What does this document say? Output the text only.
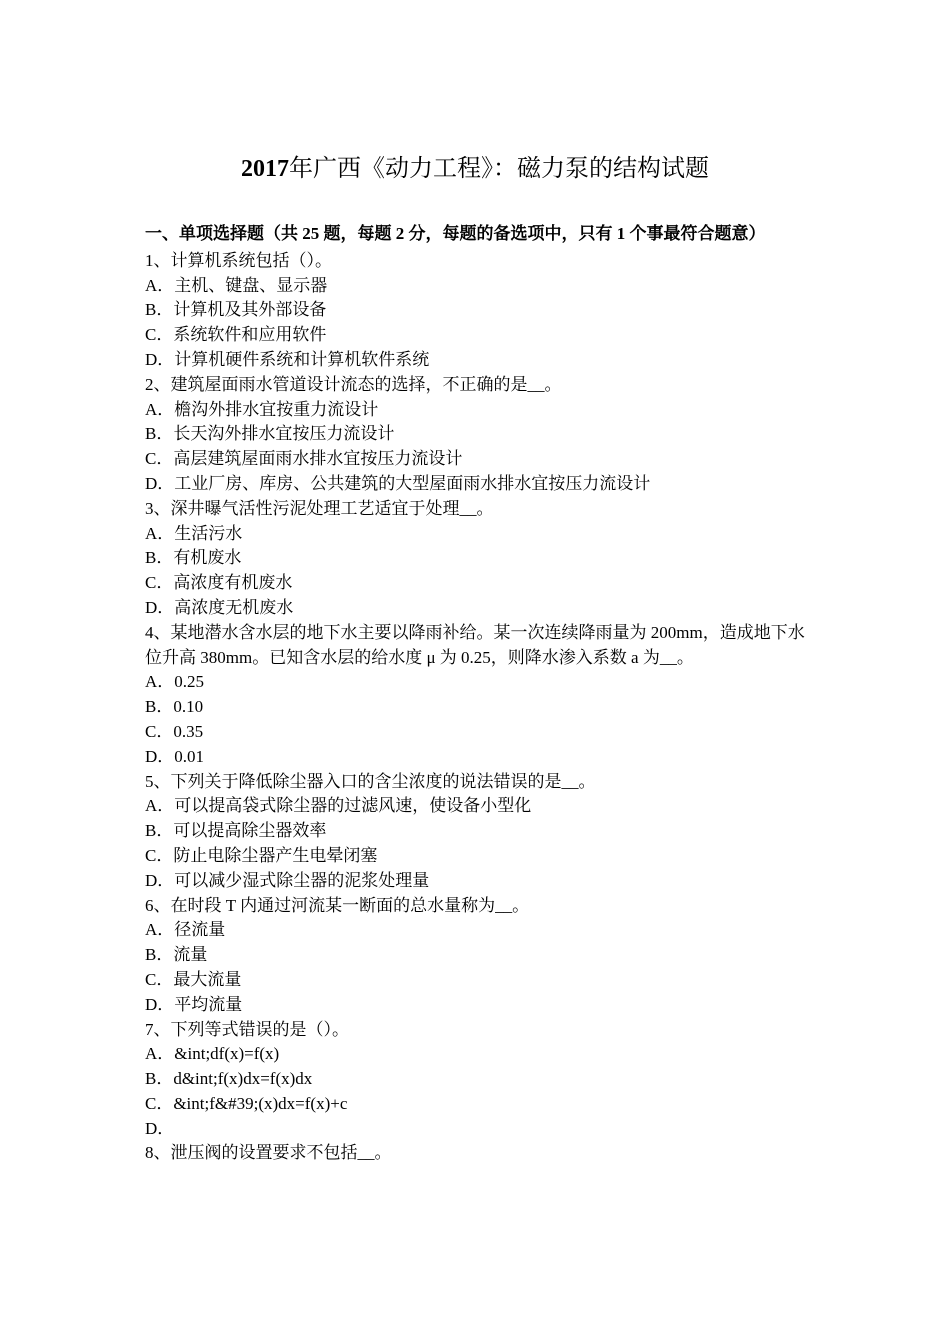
2017年广西《动力工程》：磁力泵的结构试题
一、单项选择题（共 25 题，每题 2 分，每题的备选项中，只有 1 个事最符合题意）
1、计算机系统包括（）。
A．主机、键盘、显示器
B．计算机及其外部设备
C．系统软件和应用软件
D．计算机硬件系统和计算机软件系统
2、建筑屋面雨水管道设计流态的选择，不正确的是__。
A．檐沟外排水宜按重力流设计
B．长天沟外排水宜按压力流设计
C．高层建筑屋面雨水排水宜按压力流设计
D．工业厂房、库房、公共建筑的大型屋面雨水排水宜按压力流设计
3、深井曝气活性污泥处理工艺适宜于处理__。
A．生活污水
B．有机废水
C．高浓度有机废水
D．高浓度无机废水
4、某地潜水含水层的地下水主要以降雨补给。某一次连续降雨量为 200mm，造成地下水位升高 380mm。已知含水层的给水度 μ 为 0.25，则降水渗入系数 a 为__。
A．0.25
B．0.10
C．0.35
D．0.01
5、下列关于降低除尘器入口的含尘浓度的说法错误的是__。
A．可以提高袋式除尘器的过滤风速，使设备小型化
B．可以提高除尘器效率
C．防止电除尘器产生电晕闭塞
D．可以减少湿式除尘器的泥浆处理量
6、在时段 T 内通过河流某一断面的总水量称为__。
A．径流量
B．流量
C．最大流量
D．平均流量
7、下列等式错误的是（）。
A．&int;df(x)=f(x)
B．d&int;f(x)dx=f(x)dx
C．&int;f&#39;(x)dx=f(x)+c
D．
8、泄压阀的设置要求不包括__。
